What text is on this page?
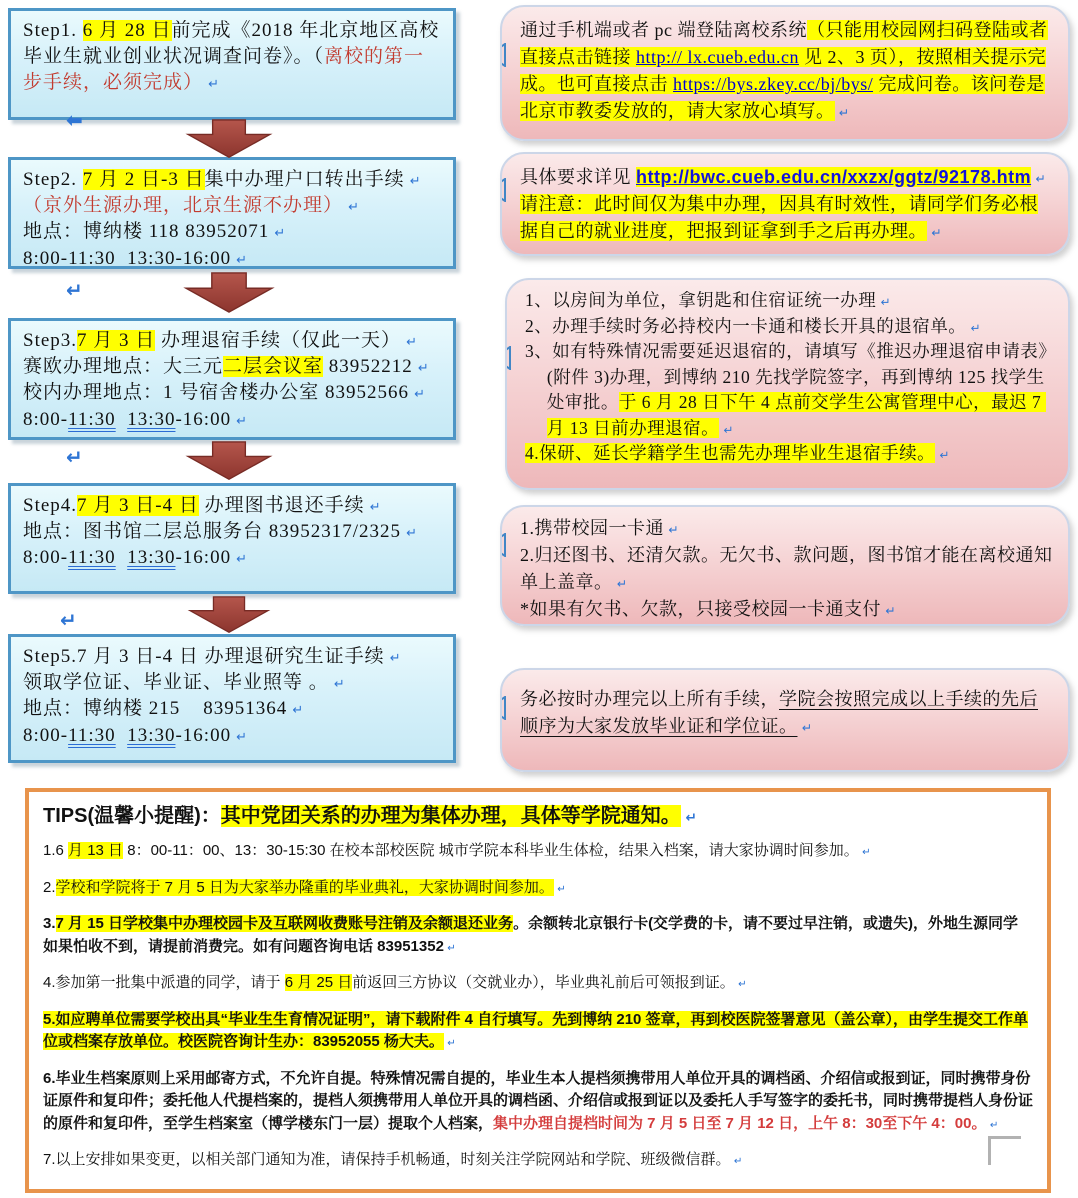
Step1. 6 月 28 日前完成《2018 年北京地区高校毕业生就业创业状况调查问卷》。（离校的第一步手续，必须完成） ↵

Step2. 7 月 2 日-3 日集中办理户口转出手续 ↵

（京外生源办理，北京生源不办理） ↵

地点：博纳楼 118 83952071 ↵

8:00-11:30  13:30-16:00 ↵

Step3.7 月 3 日 办理退宿手续（仅此一天） ↵

赛欧办理地点：大三元二层会议室 83952212 ↵

校内办理地点：1 号宿舍楼办公室 83952566 ↵

8:00-11:30 13:30-16:00 ↵

Step4.7 月 3 日-4 日 办理图书退还手续 ↵

地点：图书馆二层总服务台 83952317/2325 ↵

8:00-11:30 13:30-16:00 ↵

Step5.7 月 3 日-4 日 办理退研究生证手续 ↵

领取学位证、毕业证、毕业照等 。 ↵

地点：博纳楼 215    83951364 ↵

8:00-11:30 13:30-16:00 ↵

⬅
↵
↵
↵

通过手机端或者 pc 端登陆离校系统（只能用校园网扫码登陆或者直接点击链接 http:// lx.cueb.edu.cn 见 2、3 页），按照相关提示完成。也可直接点击 https://bys.zkey.cc/bj/bys/ 完成问卷。该问卷是北京市教委发放的，请大家放心填写。 ↵

具体要求详见 http://bwc.cueb.edu.cn/xxzx/ggtz/92178.htm ↵

请注意：此时间仅为集中办理，因具有时效性，请同学们务必根据自己的就业进度，把报到证拿到手之后再办理。 ↵

1、以房间为单位，拿钥匙和住宿证统一办理 ↵

2、办理手续时务必持校内一卡通和楼长开具的退宿单。 ↵

3、如有特殊情况需要延迟退宿的，请填写《推迟办理退宿申请表》(附件 3)办理，到博纳 210 先找学院签字，再到博纳 125 找学生处审批。于 6 月 28 日下午 4 点前交学生公寓管理中心，最迟 7 月 13 日前办理退宿。 ↵

4.保研、延长学籍学生也需先办理毕业生退宿手续。 ↵

1.携带校园一卡通 ↵

2.归还图书、还清欠款。无欠书、款问题，图书馆才能在离校通知单上盖章。 ↵

*如果有欠书、欠款，只接受校园一卡通支付 ↵

务必按时办理完以上所有手续，学院会按照完成以上手续的先后顺序为大家发放毕业证和学位证。 ↵

TIPS(温馨小提醒)：其中党团关系的办理为集体办理，具体等学院通知。 ↵

1.6 月 13 日 8：00-11：00、13：30-15:30 在校本部校医院 城市学院本科毕业生体检，结果入档案，请大家协调时间参加。 ↵

2.学校和学院将于 7 月 5 日为大家举办隆重的毕业典礼，大家协调时间参加。 ↵

3.7 月 15 日学校集中办理校园卡及互联网收费账号注销及余额退还业务。余额转北京银行卡(交学费的卡，请不要过早注销，或遗失)，外地生源同学如果怕收不到，请提前消费完。如有问题咨询电话 83951352 ↵

4.参加第一批集中派遣的同学，请于 6 月 25 日前返回三方协议（交就业办），毕业典礼前后可领报到证。 ↵

5.如应聘单位需要学校出具“毕业生生育情况证明”，请下载附件 4 自行填写。先到博纳 210 签章，再到校医院签署意见（盖公章），由学生提交工作单位或档案存放单位。校医院咨询计生办：83952055 杨大夫。 ↵

6.毕业生档案原则上采用邮寄方式，不允许自提。特殊情况需自提的，毕业生本人提档须携带用人单位开具的调档函、介绍信或报到证，同时携带身份证原件和复印件；委托他人代提档案的，提档人须携带用人单位开具的调档函、介绍信或报到证以及委托人手写签字的委托书，同时携带提档人身份证的原件和复印件，至学生档案室（博学楼东门一层）提取个人档案，集中办理自提档时间为 7 月 5 日至 7 月 12 日，上午 8：30至下午 4：00。 ↵

7.以上安排如果变更，以相关部门通知为准，请保持手机畅通，时刻关注学院网站和学院、班级微信群。 ↵
